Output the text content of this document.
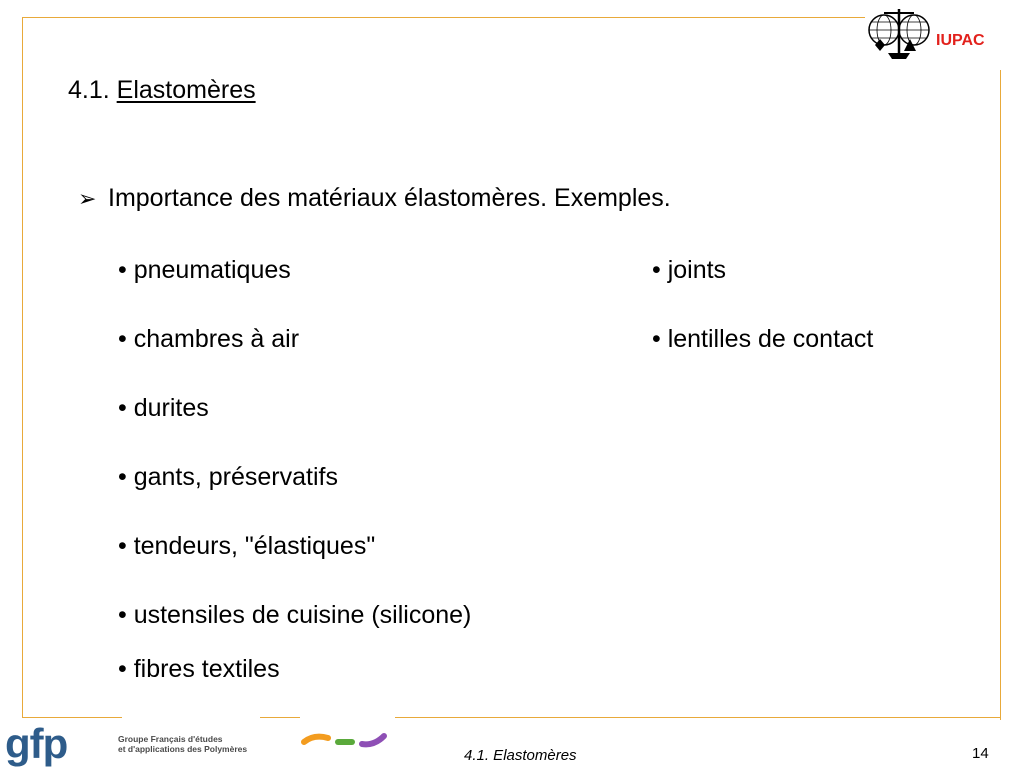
IUPAC
4.1. Elastomères
➢ Importance des matériaux élastomères. Exemples.
• pneumatiques
• chambres à air
• durites
• gants, préservatifs
• tendeurs, "élastiques"
• ustensiles de cuisine (silicone)
• fibres textiles
• joints
• lentilles de contact
gfp	Groupe Français d'études
et d'applications des Polymères	4.1. Elastomères	14
